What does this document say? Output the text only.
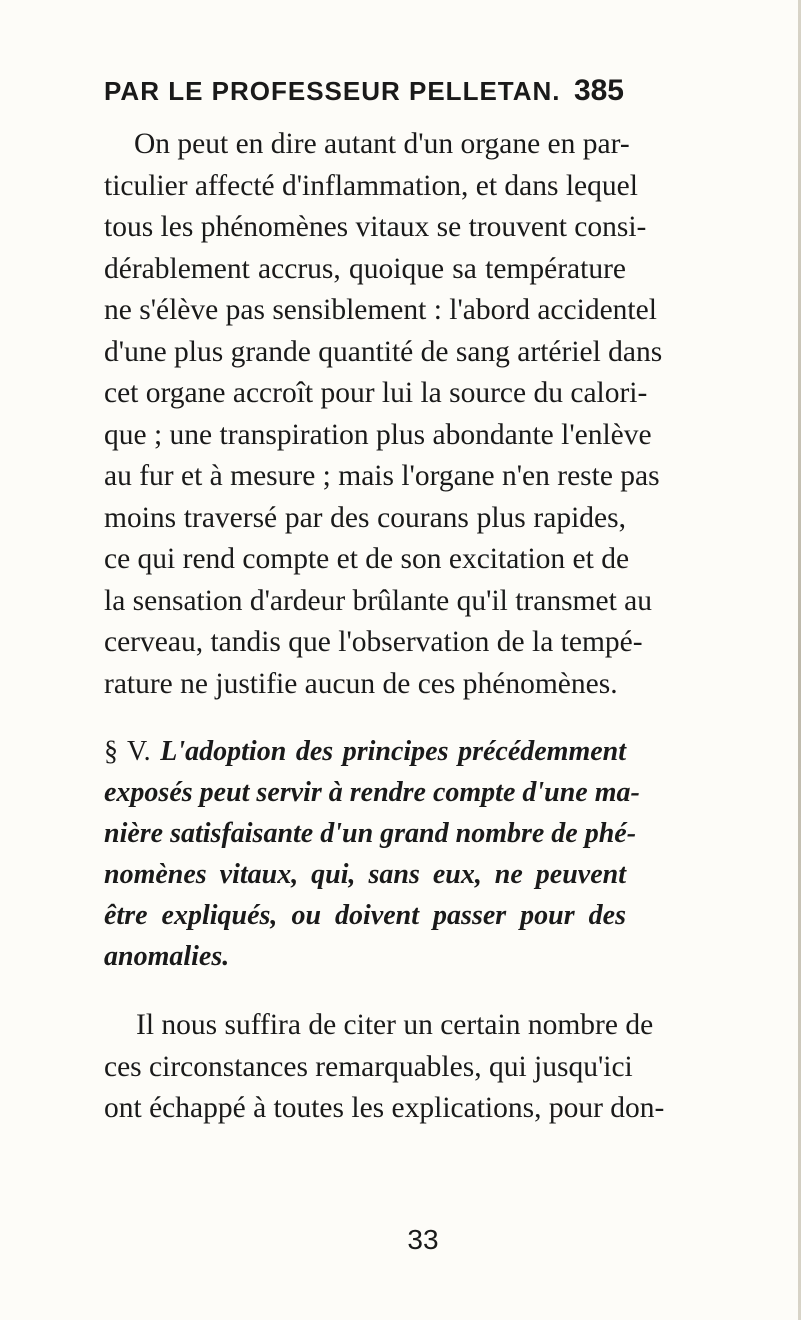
PAR LE PROFESSEUR PELLETAN. 385

On peut en dire autant d'un organe en par-
ticulier affecté d'inflammation, et dans lequel
tous les phénomènes vitaux se trouvent consi-
dérablement accrus, quoique sa température
ne s'élève pas sensiblement : l'abord accidentel
d'une plus grande quantité de sang artériel dans
cet organe accroît pour lui la source du calori-
que ; une transpiration plus abondante l'enlève
au fur et à mesure ; mais l'organe n'en reste pas
moins traversé par des courans plus rapides,
ce qui rend compte et de son excitation et de
la sensation d'ardeur brûlante qu'il transmet au
cerveau, tandis que l'observation de la tempé-
rature ne justifie aucun de ces phénomènes.

§ V. L'adoption des principes précédemment
exposés peut servir à rendre compte d'une ma-
nière satisfaisante d'un grand nombre de phé-
nomènes vitaux, qui, sans eux, ne peuvent
être expliqués, ou doivent passer pour des
anomalies.

Il nous suffira de citer un certain nombre de
ces circonstances remarquables, qui jusqu'ici
ont échappé à toutes les explications, pour don-

33
